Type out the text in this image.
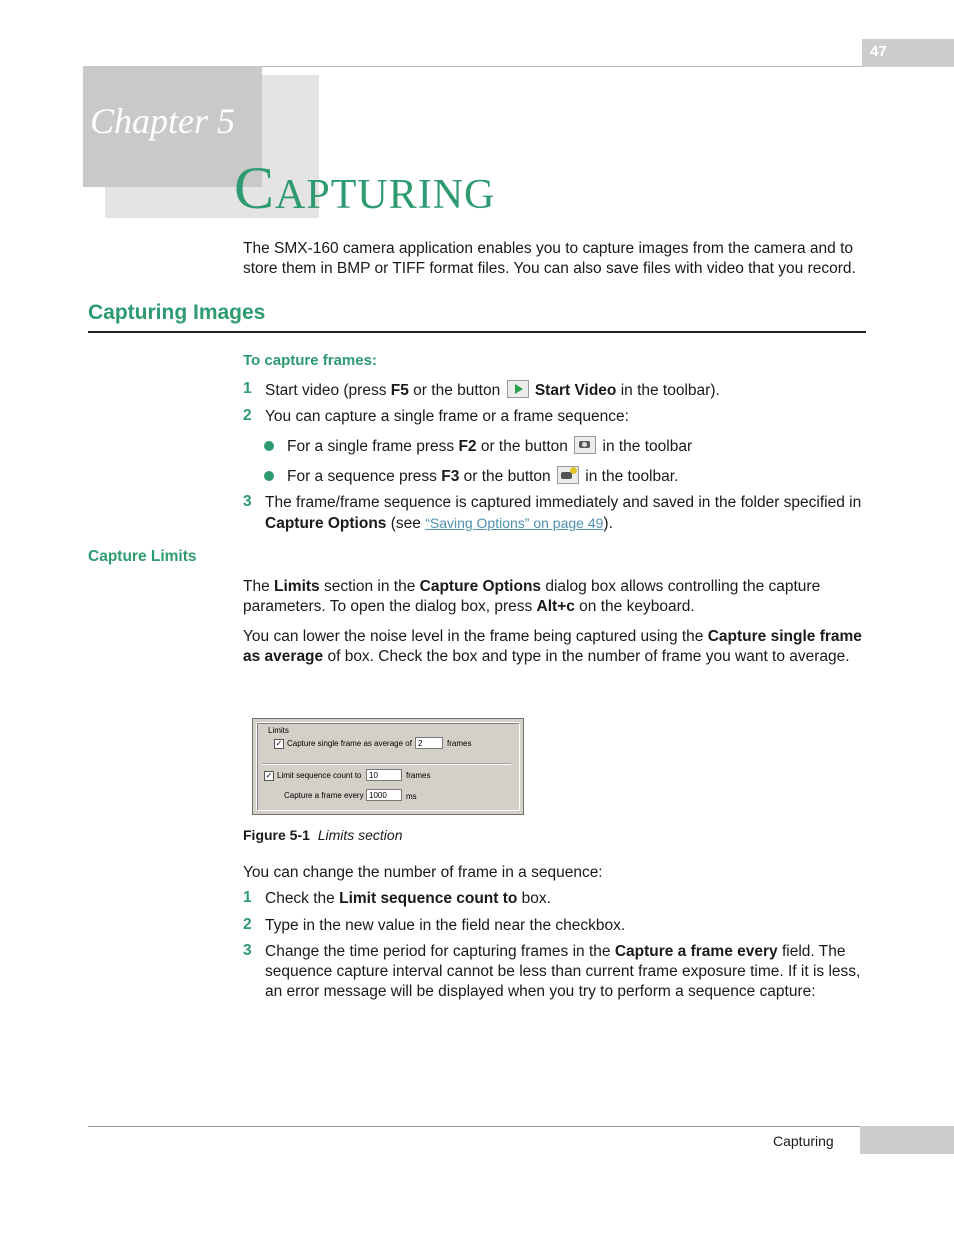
47
Chapter 5
CAPTURING
The SMX-160 camera application enables you to capture images from the camera and to store them in BMP or TIFF format files. You can also save files with video that you record.
Capturing Images
To capture frames:
1 Start video (press F5 or the button
Start Video in the toolbar).
2 You can capture a single frame or a frame sequence:
For a single frame press F2 or the button
in the toolbar
For a sequence press F3 or the button
in the toolbar.
3 The frame/frame sequence is captured immediately and saved in the folder specified in Capture Options (see “Saving Options” on page 49).
Capture Limits
The Limits section in the Capture Options dialog box allows controlling the capture parameters. To open the dialog box, press Alt+c on the keyboard.
You can lower the noise level in the frame being captured using the Capture single frame as average of box. Check the box and type in the number of frame you want to average.
Limits
✓ Capture single frame as average of 2	frames
✓ Limit sequence count to 10	frames
Capture a frame every 1000	ms
Figure 5-1 Limits section
You can change the number of frame in a sequence:
1 Check the Limit sequence count to box.
2 Type in the new value in the field near the checkbox.
3 Change the time period for capturing frames in the Capture a frame every field. The sequence capture interval cannot be less than current frame exposure time. If it is less, an error message will be displayed when you try to perform a sequence capture:
Capturing
